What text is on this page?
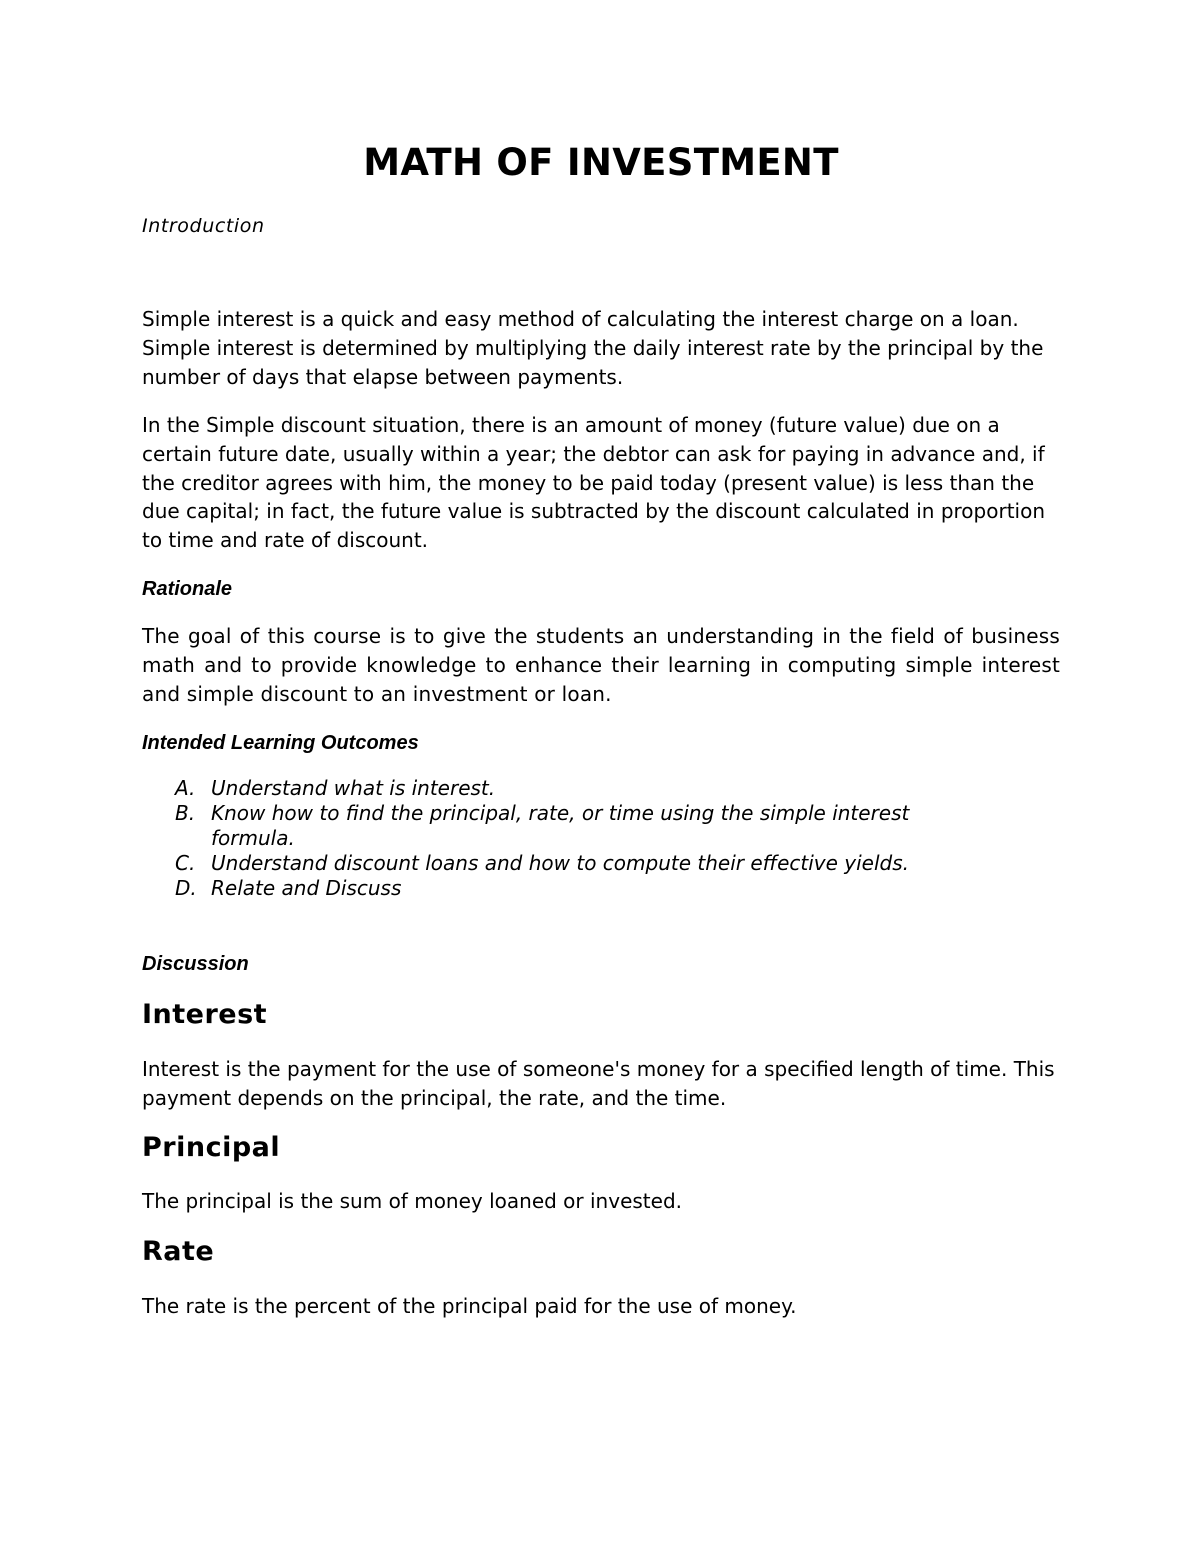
MATH OF INVESTMENT

Introduction

Simple interest is a quick and easy method of calculating the interest charge on a loan. Simple interest is determined by multiplying the daily interest rate by the principal by the number of days that elapse between payments.

In the Simple discount situation, there is an amount of money (future value) due on a certain future date, usually within a year; the debtor can ask for paying in advance and, if the creditor agrees with him, the money to be paid today (present value) is less than the due capital; in fact, the future value is subtracted by the discount calculated in proportion to time and rate of discount.

Rationale

The goal of this course is to give the students an understanding in the field of business math and to provide knowledge to enhance their learning in computing simple interest and simple discount to an investment or loan.

Intended Learning Outcomes

A. Understand what is interest.
B. Know how to find the principal, rate, or time using the simple interest formula.
C. Understand discount loans and how to compute their effective yields.
D. Relate and Discuss

Discussion

Interest

Interest is the payment for the use of someone's money for a specified length of time. This payment depends on the principal, the rate, and the time.

Principal

The principal is the sum of money loaned or invested.

Rate

The rate is the percent of the principal paid for the use of money.
